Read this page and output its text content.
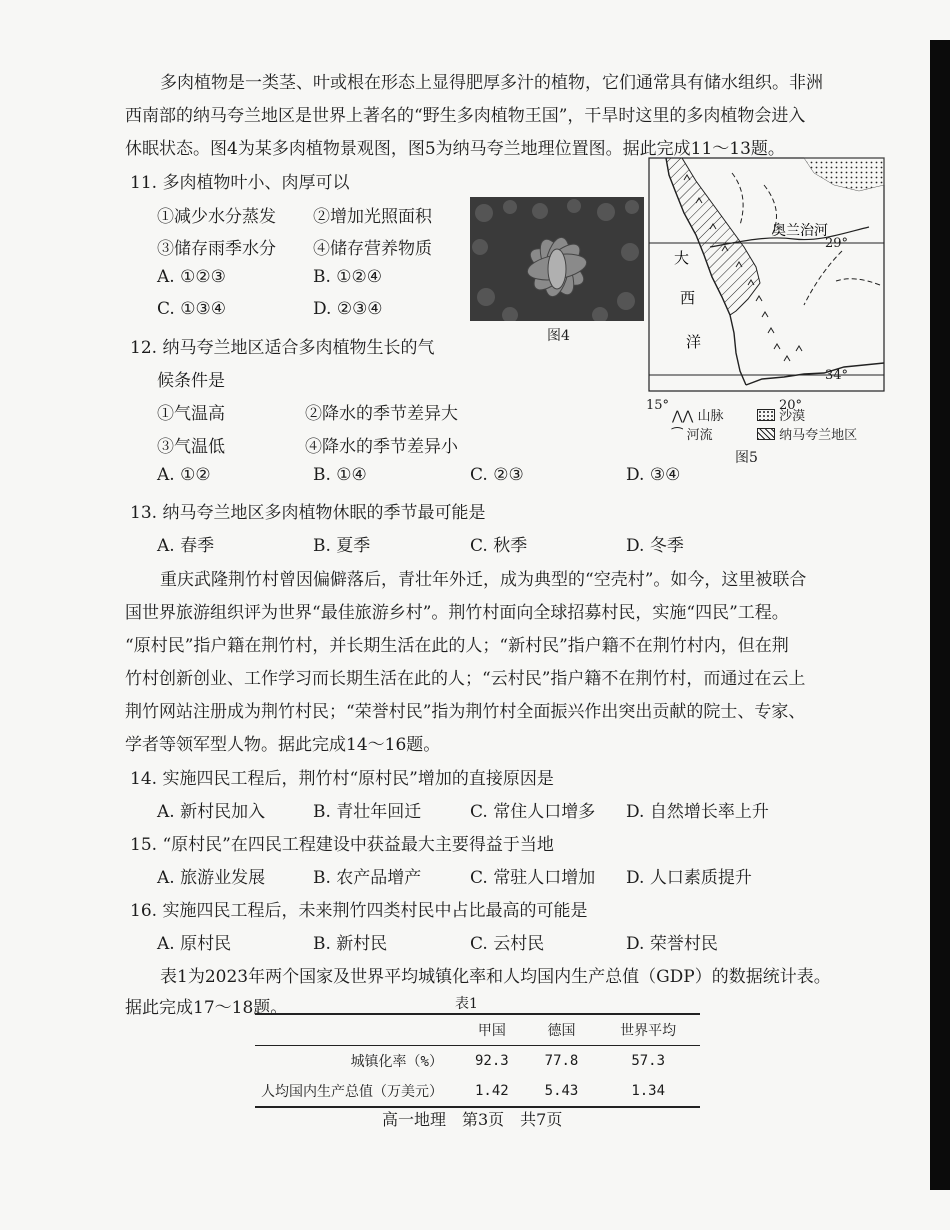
多肉植物是一类茎、叶或根在形态上显得肥厚多汁的植物，它们通常具有储水组织。非洲
西南部的纳马夸兰地区是世界上著名的“野生多肉植物王国”，干旱时这里的多肉植物会进入
休眠状态。图4为某多肉植物景观图，图5为纳马夸兰地理位置图。据此完成11～13题。
11. 多肉植物叶小、肉厚可以
①减少水分蒸发 ②增加光照面积
③储存雨季水分 ④储存营养物质
A. ①②③	B. ①②④
C. ①③④	D. ②③④
图4
奥兰治河
大
西
洋
29°
34°
15°	20°
⋀⋀ 山脉	沙漠
⁀ 河流	纳马夸兰地区
图5
12. 纳马夸兰地区适合多肉植物生长的气
候条件是
①气温高	②降水的季节差异大
③气温低	④降水的季节差异小
A. ①②	B. ①④	C. ②③	D. ③④
13. 纳马夸兰地区多肉植物休眠的季节最可能是
A. 春季	B. 夏季	C. 秋季	D. 冬季
重庆武隆荆竹村曾因偏僻落后，青壮年外迁，成为典型的“空壳村”。如今，这里被联合
国世界旅游组织评为世界“最佳旅游乡村”。荆竹村面向全球招募村民，实施“四民”工程。
“原村民”指户籍在荆竹村，并长期生活在此的人；“新村民”指户籍不在荆竹村内，但在荆
竹村创新创业、工作学习而长期生活在此的人；“云村民”指户籍不在荆竹村，而通过在云上
荆竹网站注册成为荆竹村民；“荣誉村民”指为荆竹村全面振兴作出突出贡献的院士、专家、
学者等领军型人物。据此完成14～16题。
14. 实施四民工程后，荆竹村“原村民”增加的直接原因是
A. 新村民加入	B. 青壮年回迁	C. 常住人口增多 D. 自然增长率上升
15. “原村民”在四民工程建设中获益最大主要得益于当地
A. 旅游业发展	B. 农产品增产	C. 常驻人口增加 D. 人口素质提升
16. 实施四民工程后，未来荆竹四类村民中占比最高的可能是
A. 原村民	B. 新村民	C. 云村民	D. 荣誉村民
表1为2023年两个国家及世界平均城镇化率和人均国内生产总值（GDP）的数据统计表。
据此完成17～18题。	表1
	甲国	德国	世界平均
城镇化率（%）	92.3	77.8	57.3
人均国内生产总值（万美元）	1.42	5.43	1.34
高一地理　第3页　共7页
